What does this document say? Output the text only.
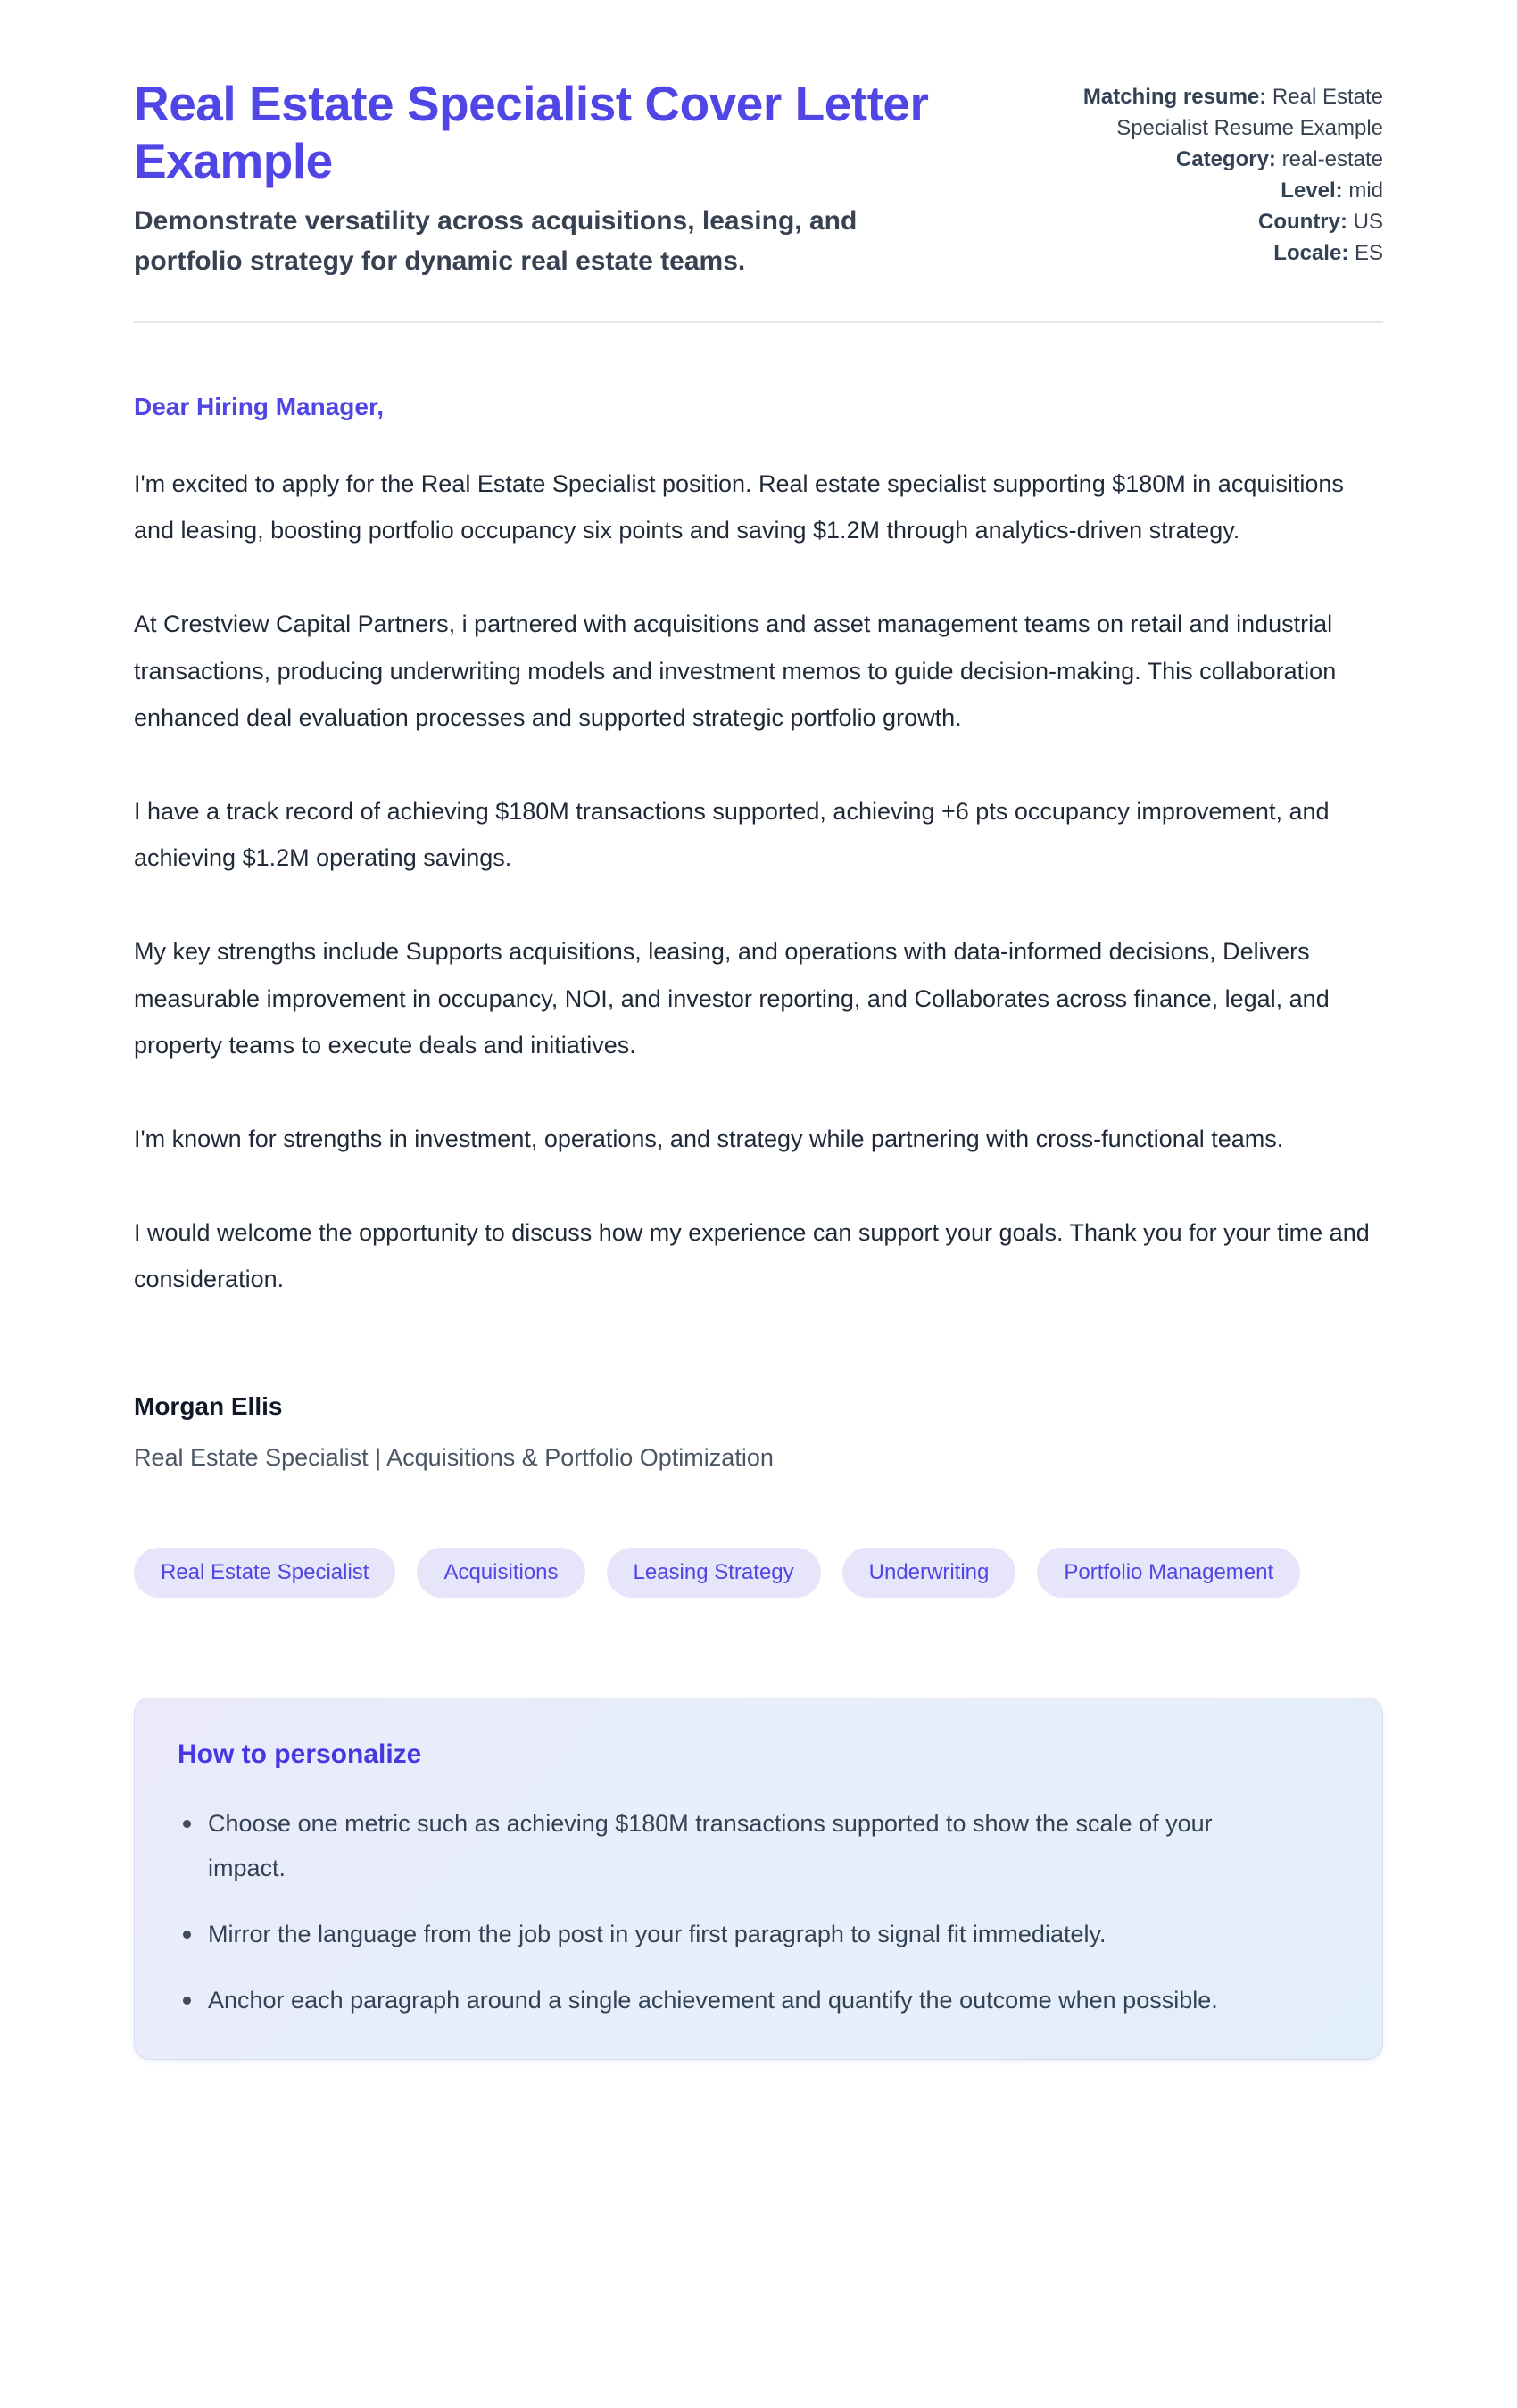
Real Estate Specialist Cover Letter Example
Demonstrate versatility across acquisitions, leasing, and portfolio strategy for dynamic real estate teams.
Matching resume: Real Estate Specialist Resume Example
Category: real-estate
Level: mid
Country: US
Locale: ES
Dear Hiring Manager,

I'm excited to apply for the Real Estate Specialist position. Real estate specialist supporting $180M in acquisitions and leasing, boosting portfolio occupancy six points and saving $1.2M through analytics-driven strategy.

At Crestview Capital Partners, i partnered with acquisitions and asset management teams on retail and industrial transactions, producing underwriting models and investment memos to guide decision-making. This collaboration enhanced deal evaluation processes and supported strategic portfolio growth.

I have a track record of achieving $180M transactions supported, achieving +6 pts occupancy improvement, and achieving $1.2M operating savings.

My key strengths include Supports acquisitions, leasing, and operations with data-informed decisions, Delivers measurable improvement in occupancy, NOI, and investor reporting, and Collaborates across finance, legal, and property teams to execute deals and initiatives.

I'm known for strengths in investment, operations, and strategy while partnering with cross-functional teams.

I would welcome the opportunity to discuss how my experience can support your goals. Thank you for your time and consideration.

Morgan Ellis
Real Estate Specialist | Acquisitions & Portfolio Optimization
Real Estate Specialist	Acquisitions	Leasing Strategy	Underwriting	Portfolio Management
How to personalize
Choose one metric such as achieving $180M transactions supported to show the scale of your impact.
Mirror the language from the job post in your first paragraph to signal fit immediately.
Anchor each paragraph around a single achievement and quantify the outcome when possible.
